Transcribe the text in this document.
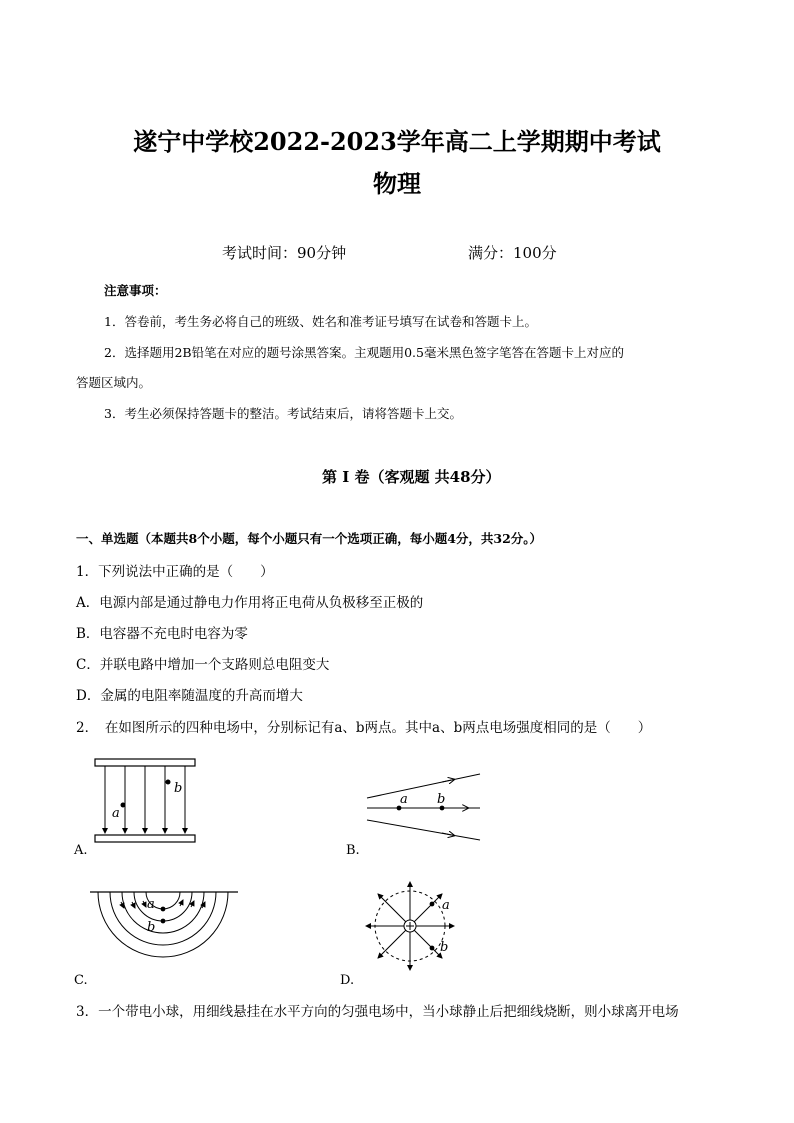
遂宁中学校2022-2023学年高二上学期期中考试
物理
考试时间：90分钟	满分：100分
注意事项：
1．答卷前，考生务必将自己的班级、姓名和准考证号填写在试卷和答题卡上。
2．选择题用2B铅笔在对应的题号涂黑答案。主观题用0.5毫米黑色签字笔答在答题卡上对应的
答题区域内。
3．考生必须保持答题卡的整洁。考试结束后，请将答题卡上交。
第 Ⅰ 卷（客观题 共48分）
一、单选题（本题共8个小题，每个小题只有一个选项正确，每小题4分，共32分。）
1．下列说法中正确的是（　　）
A．电源内部是通过静电力作用将正电荷从负极移至正极的
B．电容器不充电时电容为零
C．并联电路中增加一个支路则总电阻变大
D．金属的电阻率随温度的升高而增大
2．　在如图所示的四种电场中，分别标记有a、b两点。其中a、b两点电场强度相同的是（　　）
a
b
A.
a b
B.
a
b
C.
a
b
D.
3．一个带电小球，用细线悬挂在水平方向的匀强电场中，当小球静止后把细线烧断，则小球离开电场
